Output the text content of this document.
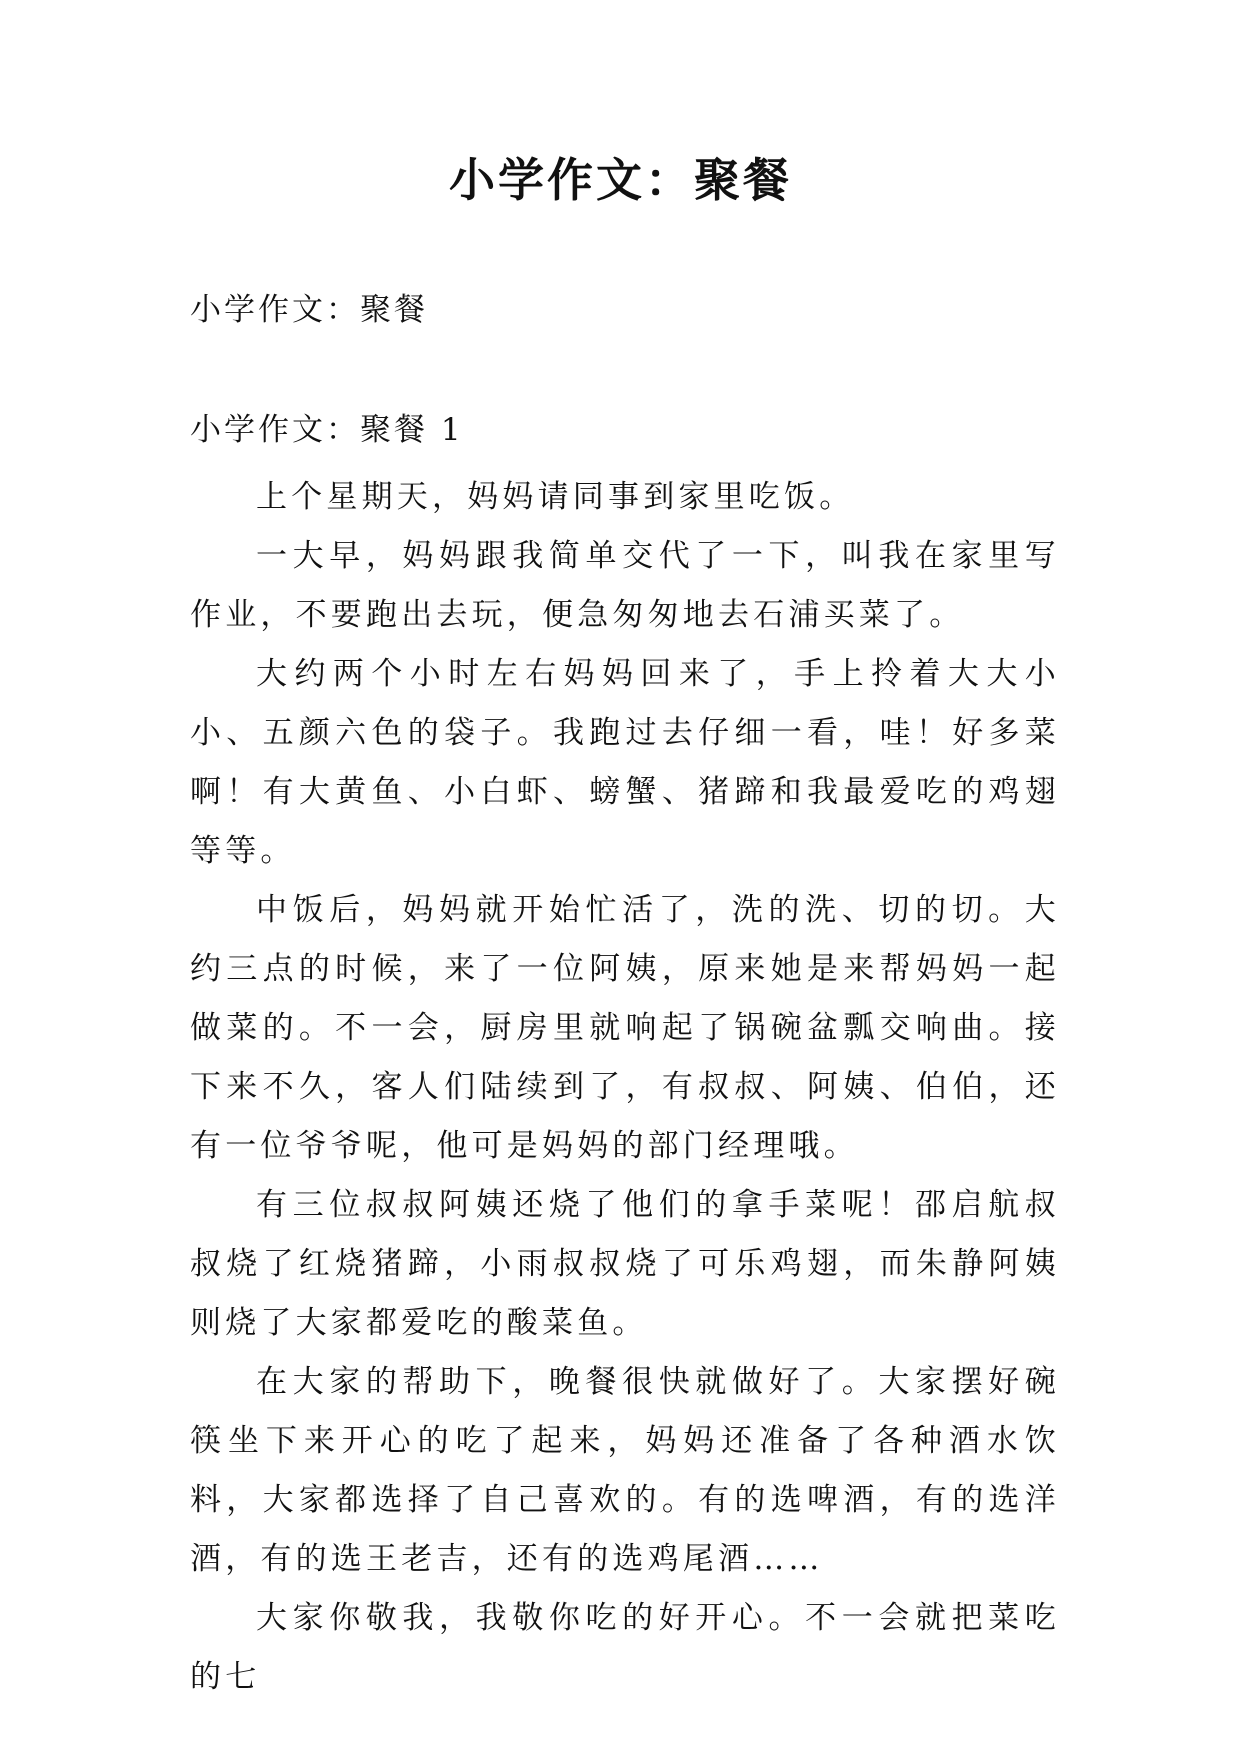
小学作文：聚餐

小学作文：聚餐

小学作文：聚餐 1

上个星期天，妈妈请同事到家里吃饭。

一大早，妈妈跟我简单交代了一下，叫我在家里写作业，不要跑出去玩，便急匆匆地去石浦买菜了。

大约两个小时左右妈妈回来了，手上拎着大大小小、五颜六色的袋子。我跑过去仔细一看，哇！好多菜啊！有大黄鱼、小白虾、螃蟹、猪蹄和我最爱吃的鸡翅等等。

中饭后，妈妈就开始忙活了，洗的洗、切的切。大约三点的时候，来了一位阿姨，原来她是来帮妈妈一起做菜的。不一会，厨房里就响起了锅碗盆瓢交响曲。接下来不久，客人们陆续到了，有叔叔、阿姨、伯伯，还有一位爷爷呢，他可是妈妈的部门经理哦。

有三位叔叔阿姨还烧了他们的拿手菜呢！邵启航叔叔烧了红烧猪蹄，小雨叔叔烧了可乐鸡翅，而朱静阿姨则烧了大家都爱吃的酸菜鱼。

在大家的帮助下，晚餐很快就做好了。大家摆好碗筷坐下来开心的吃了起来，妈妈还准备了各种酒水饮料，大家都选择了自己喜欢的。有的选啤酒，有的选洋酒，有的选王老吉，还有的选鸡尾酒……

大家你敬我，我敬你吃的好开心。不一会就把菜吃的七
